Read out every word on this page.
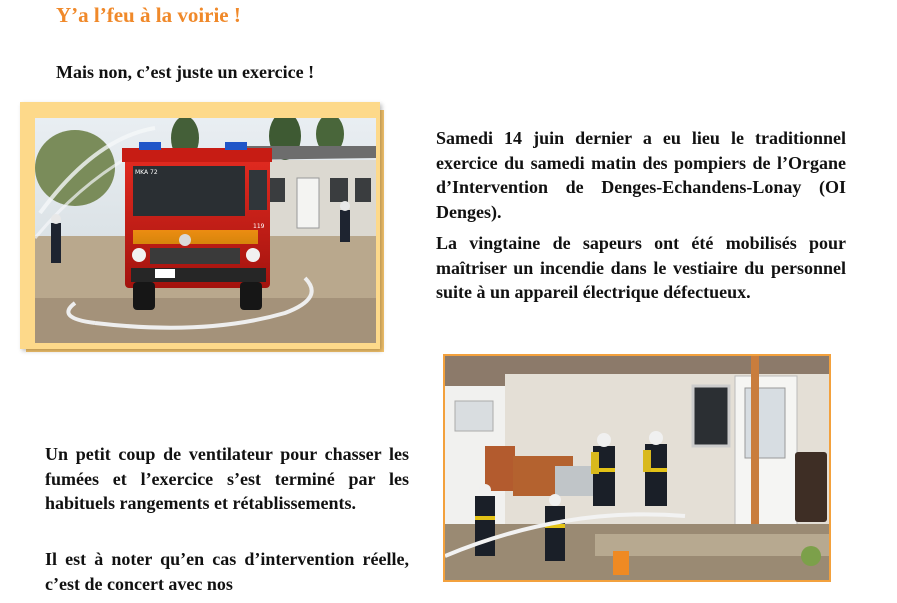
Y’a l’feu à la voirie !
Mais non, c’est juste un exercice !
MKA 72
119

Samedi 14 juin dernier a eu lieu le traditionnel exercice du samedi matin des pompiers de l’Organe d’Intervention de Denges-Echandens-Lonay (OI Denges).

La vingtaine de sapeurs ont été mobilisés pour maîtriser un incendie dans le vestiaire du personnel suite à un appareil électrique défectueux.

Un petit coup de ventilateur pour chasser les fumées et l’exercice s’est terminé par les habituels rangements et rétablissements.

Il est à noter qu’en cas d’intervention réelle, c’est de concert avec nos
